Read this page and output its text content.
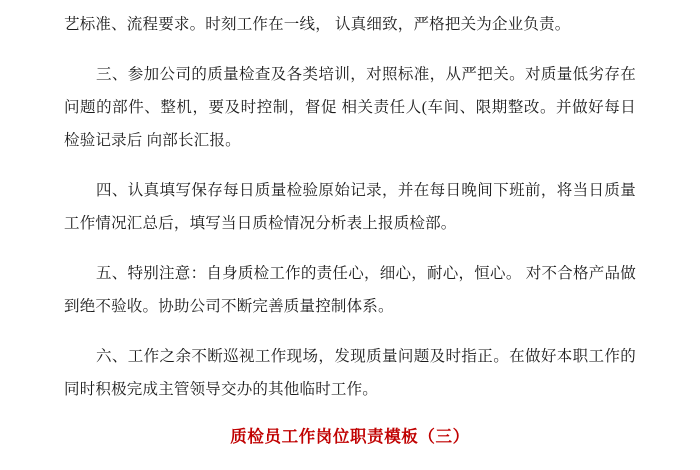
艺标准、流程要求。时刻工作在一线， 认真细致，严格把关为企业负责。

三、参加公司的质量检查及各类培训，对照标准，从严把关。对质量低劣存在问题的部件、整机，要及时控制，督促 相关责任人(车间、限期整改。并做好每日检验记录后 向部长汇报。

四、认真填写保存每日质量检验原始记录，并在每日晚间下班前，将当日质量工作情况汇总后，填写当日质检情况分析表上报质检部。

五、特别注意：自身质检工作的责任心，细心，耐心，恒心。 对不合格产品做到绝不验收。协助公司不断完善质量控制体系。

六、工作之余不断巡视工作现场，发现质量问题及时指正。在做好本职工作的同时积极完成主管领导交办的其他临时工作。

质检员工作岗位职责模板（三）
